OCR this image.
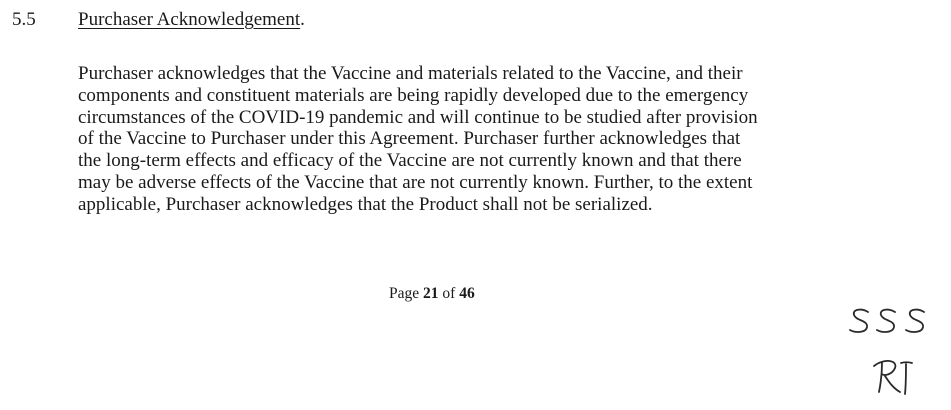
5.5 Purchaser Acknowledgement.

Purchaser acknowledges that the Vaccine and materials related to the Vaccine, and their
components and constituent materials are being rapidly developed due to the emergency
circumstances of the COVID-19 pandemic and will continue to be studied after provision
of the Vaccine to Purchaser under this Agreement. Purchaser further acknowledges that
the long-term effects and efficacy of the Vaccine are not currently known and that there
may be adverse effects of the Vaccine that are not currently known. Further, to the extent
applicable, Purchaser acknowledges that the Product shall not be serialized.

Page 21 of 46
